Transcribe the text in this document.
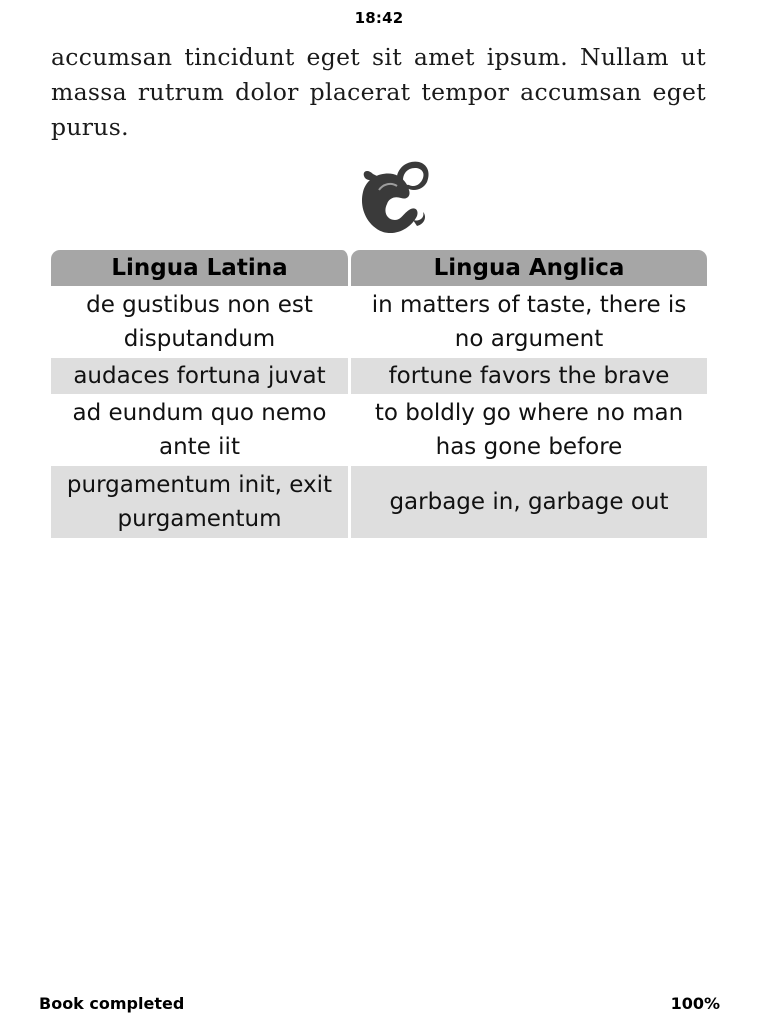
18:42

accumsan tincidunt eget sit amet ipsum. Nullam ut massa rutrum dolor placerat tempor accumsan eget purus.

Lingua Latina	Lingua Anglica
de gustibus non est disputandum	in matters of taste, there is no argument
audaces fortuna juvat	fortune favors the brave
ad eundum quo nemo ante iit	to boldly go where no man has gone before
purgamentum init, exit purgamentum	garbage in, garbage out
Book completed	100%
